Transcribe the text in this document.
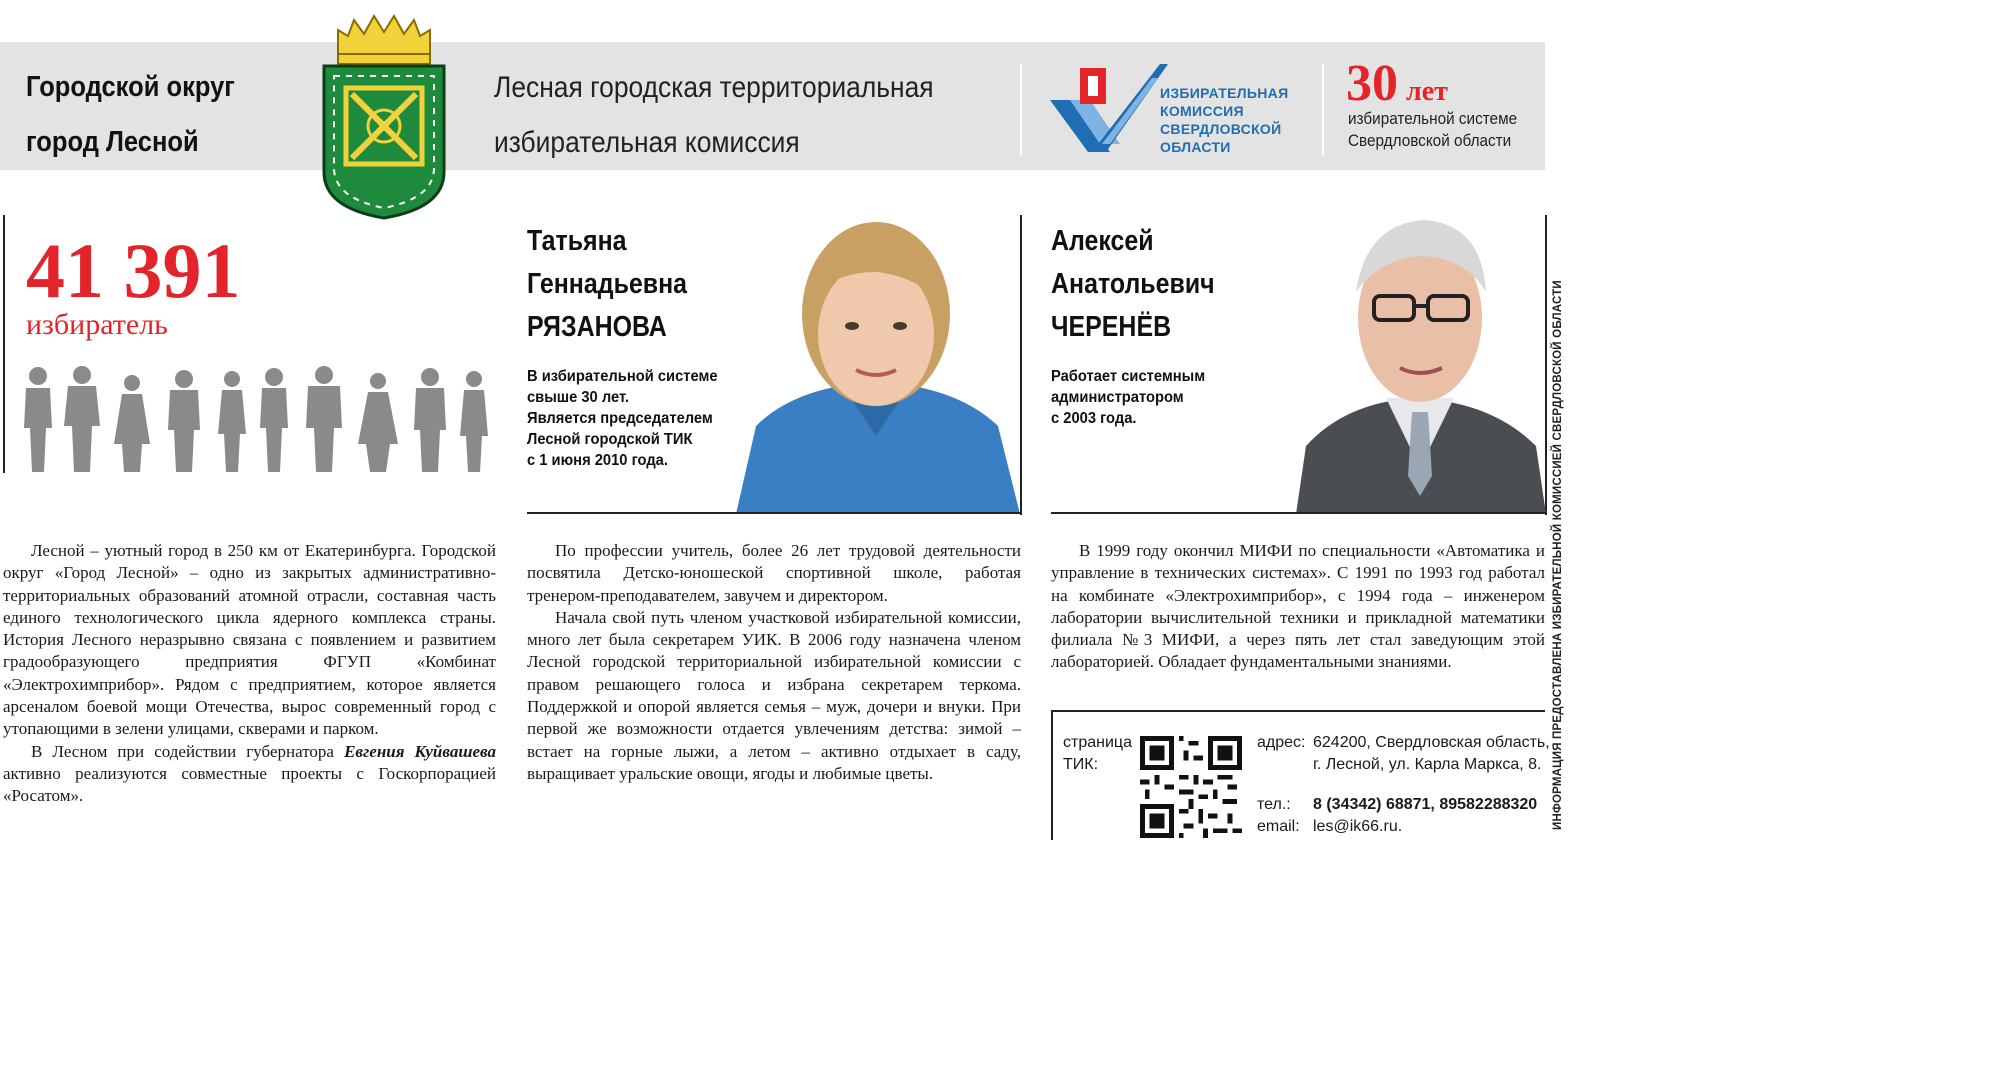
Городской округ
город Лесной
Лесная городская территориальная
избирательная комиссия
ИЗБИРАТЕЛЬНАЯ
КОМИССИЯ
СВЕРДЛОВСКОЙ
ОБЛАСТИ
30 лет
избирательной системе
Свердловской области
41 391
избиратель
Татьяна
Геннадьевна
РЯЗАНОВА
В избирательной системе
свыше 30 лет.
Является председателем
Лесной городской ТИК
с 1 июня 2010 года.
Алексей
Анатольевич
ЧЕРЕНЁВ
Работает системным
администратором
с 2003 года.

Лесной – уютный город в 250 км от Екатеринбурга. Городской округ «Город Лесной» – одно из закрытых административно-территориальных образований атомной отрасли, составная часть единого технологического цикла ядерного комплекса страны. История Лесного неразрывно связана с появлением и развитием градообразующего предприятия ФГУП «Комбинат «Электрохимприбор». Рядом с предприятием, которое является арсеналом боевой мощи Отечества, вырос современный город с утопающими в зелени улицами, скверами и парком.

В Лесном при содействии губернатора Евгения Куйвашева активно реализуются совместные проекты с Госкорпорацией «Росатом».

По профессии учитель, более 26 лет трудовой деятельности посвятила Детско-юношеской спортивной школе, работая тренером-преподавателем, завучем и директором.

Начала свой путь членом участковой избирательной комиссии, много лет была секретарем УИК. В 2006 году назначена членом Лесной городской территориальной избирательной комиссии с правом решающего голоса и избрана секретарем теркома. Поддержкой и опорой является семья – муж, дочери и внуки. При первой же возможности отдается увлечениям детства: зимой – встает на горные лыжи, а летом – активно отдыхает в саду, выращивает уральские овощи, ягоды и любимые цветы.

В 1999 году окончил МИФИ по специальности «Автоматика и управление в технических системах». С 1991 по 1993 год работал на комбинате «Электрохимприбор», с 1994 года – инженером лаборатории вычислительной техники и прикладной математики филиала №3 МИФИ, а через пять лет стал заведующим этой лабораторией. Обладает фундаментальными знаниями.

страница
ТИК:
адрес: 624200, Свердловская область,
г. Лесной, ул. Карла Маркса, 8.
тел.: 8 (34342) 68871, 89582288320
email: les@ik66.ru.	ИНФОРМАЦИЯ ПРЕДОСТАВЛЕНА ИЗБИРАТЕЛЬНОЙ КОМИССИЕЙ СВЕРДЛОВСКОЙ ОБЛАСТИ
